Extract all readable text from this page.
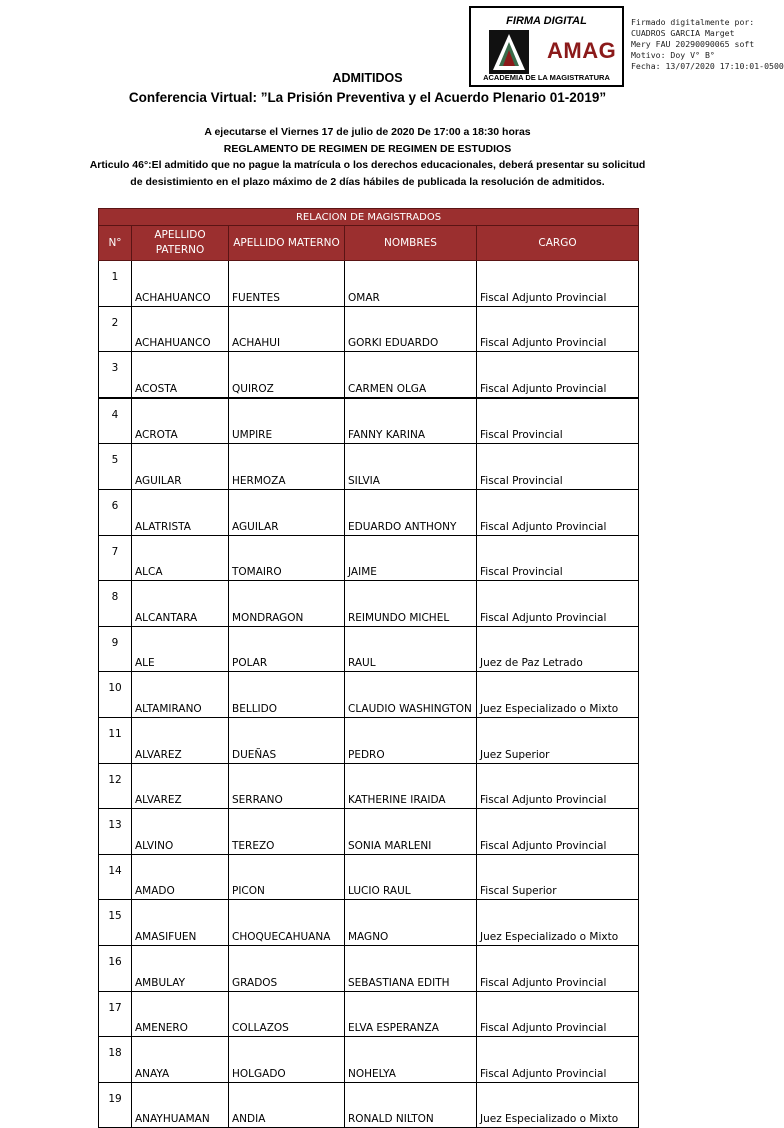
FIRMA DIGITAL
AMAG
ACADEMIA DE LA MAGISTRATURA
Firmado digitalmente por:
CUADROS GARCIA Marget
Mery FAU 20290090065 soft
Motivo: Doy V° B°
Fecha: 13/07/2020 17:10:01-0500
ADMITIDOS
Conferencia Virtual: ”La Prisión Preventiva y el Acuerdo Plenario 01-2019”
A ejecutarse el Viernes 17 de julio de 2020 De 17:00 a 18:30 horas
REGLAMENTO DE REGIMEN DE REGIMEN DE ESTUDIOS
Articulo 46°:El admitido que no pague la matrícula o los derechos educacionales, deberá presentar su solicitud
de desistimiento en el plazo máximo de 2 días hábiles de publicada la resolución de admitidos.
RELACION DE MAGISTRADOS				
N°	APELLIDO PATERNO	APELLIDO MATERNO	NOMBRES	CARGO
1	ACHAHUANCO	FUENTES	OMAR	Fiscal Adjunto Provincial
2	ACHAHUANCO	ACHAHUI	GORKI EDUARDO	Fiscal Adjunto Provincial
3	ACOSTA	QUIROZ	CARMEN OLGA	Fiscal Adjunto Provincial
4	ACROTA	UMPIRE	FANNY KARINA	Fiscal Provincial
5	AGUILAR	HERMOZA	SILVIA	Fiscal Provincial
6	ALATRISTA	AGUILAR	EDUARDO ANTHONY	Fiscal Adjunto Provincial
7	ALCA	TOMAIRO	JAIME	Fiscal Provincial
8	ALCANTARA	MONDRAGON	REIMUNDO MICHEL	Fiscal Adjunto Provincial
9	ALE	POLAR	RAUL	Juez de Paz Letrado
10	ALTAMIRANO	BELLIDO	CLAUDIO WASHINGTON	Juez Especializado o Mixto
11	ALVAREZ	DUEÑAS	PEDRO	Juez Superior
12	ALVAREZ	SERRANO	KATHERINE IRAIDA	Fiscal Adjunto Provincial
13	ALVINO	TEREZO	SONIA MARLENI	Fiscal Adjunto Provincial
14	AMADO	PICON	LUCIO RAUL	Fiscal Superior
15	AMASIFUEN	CHOQUECAHUANA	MAGNO	Juez Especializado o Mixto
16	AMBULAY	GRADOS	SEBASTIANA EDITH	Fiscal Adjunto Provincial
17	AMENERO	COLLAZOS	ELVA ESPERANZA	Fiscal Adjunto Provincial
18	ANAYA	HOLGADO	NOHELYA	Fiscal Adjunto Provincial
19	ANAYHUAMAN	ANDIA	RONALD NILTON	Juez Especializado o Mixto
